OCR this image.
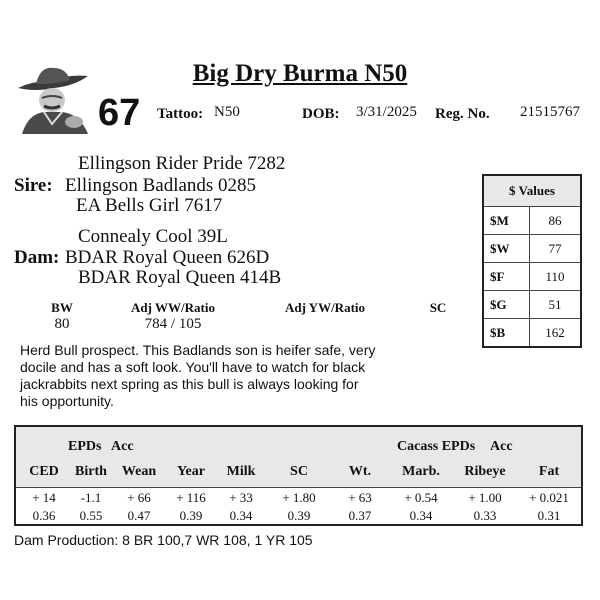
Big Dry Burma N50
67 Tattoo: N50	DOB: 3/31/2025 Reg. No. 21515767
Ellingson Rider Pride 7282
Sire: Ellingson Badlands 0285
EA Bells Girl 7617
Connealy Cool 39L
Dam: BDAR Royal Queen 626D
BDAR Royal Queen 414B
$ Values
$M	86
$W	77
$F	110
$G	51
$B	162
BW
80
Adj WW/Ratio
784 / 105
Adj YW/Ratio	SC
Herd Bull prospect. This Badlands son is heifer safe, very docile and has a soft look. You'll have to watch for black jackrabbits next spring as this bull is always looking for his opportunity.
EPDs Acc	Cacass EPDs Acc
CED	Birth	Wean	Year	Milk	SC	Wt.	Marb.	Ribeye	Fat
+ 14	-1.1	+ 66	+ 116	+ 33	+ 1.80	+ 63	+ 0.54	+ 1.00	+ 0.021
0.36	0.55	0.47	0.39	0.34	0.39	0.37	0.34	0.33	0.31
Dam Production: 8 BR 100,7 WR 108, 1 YR 105
